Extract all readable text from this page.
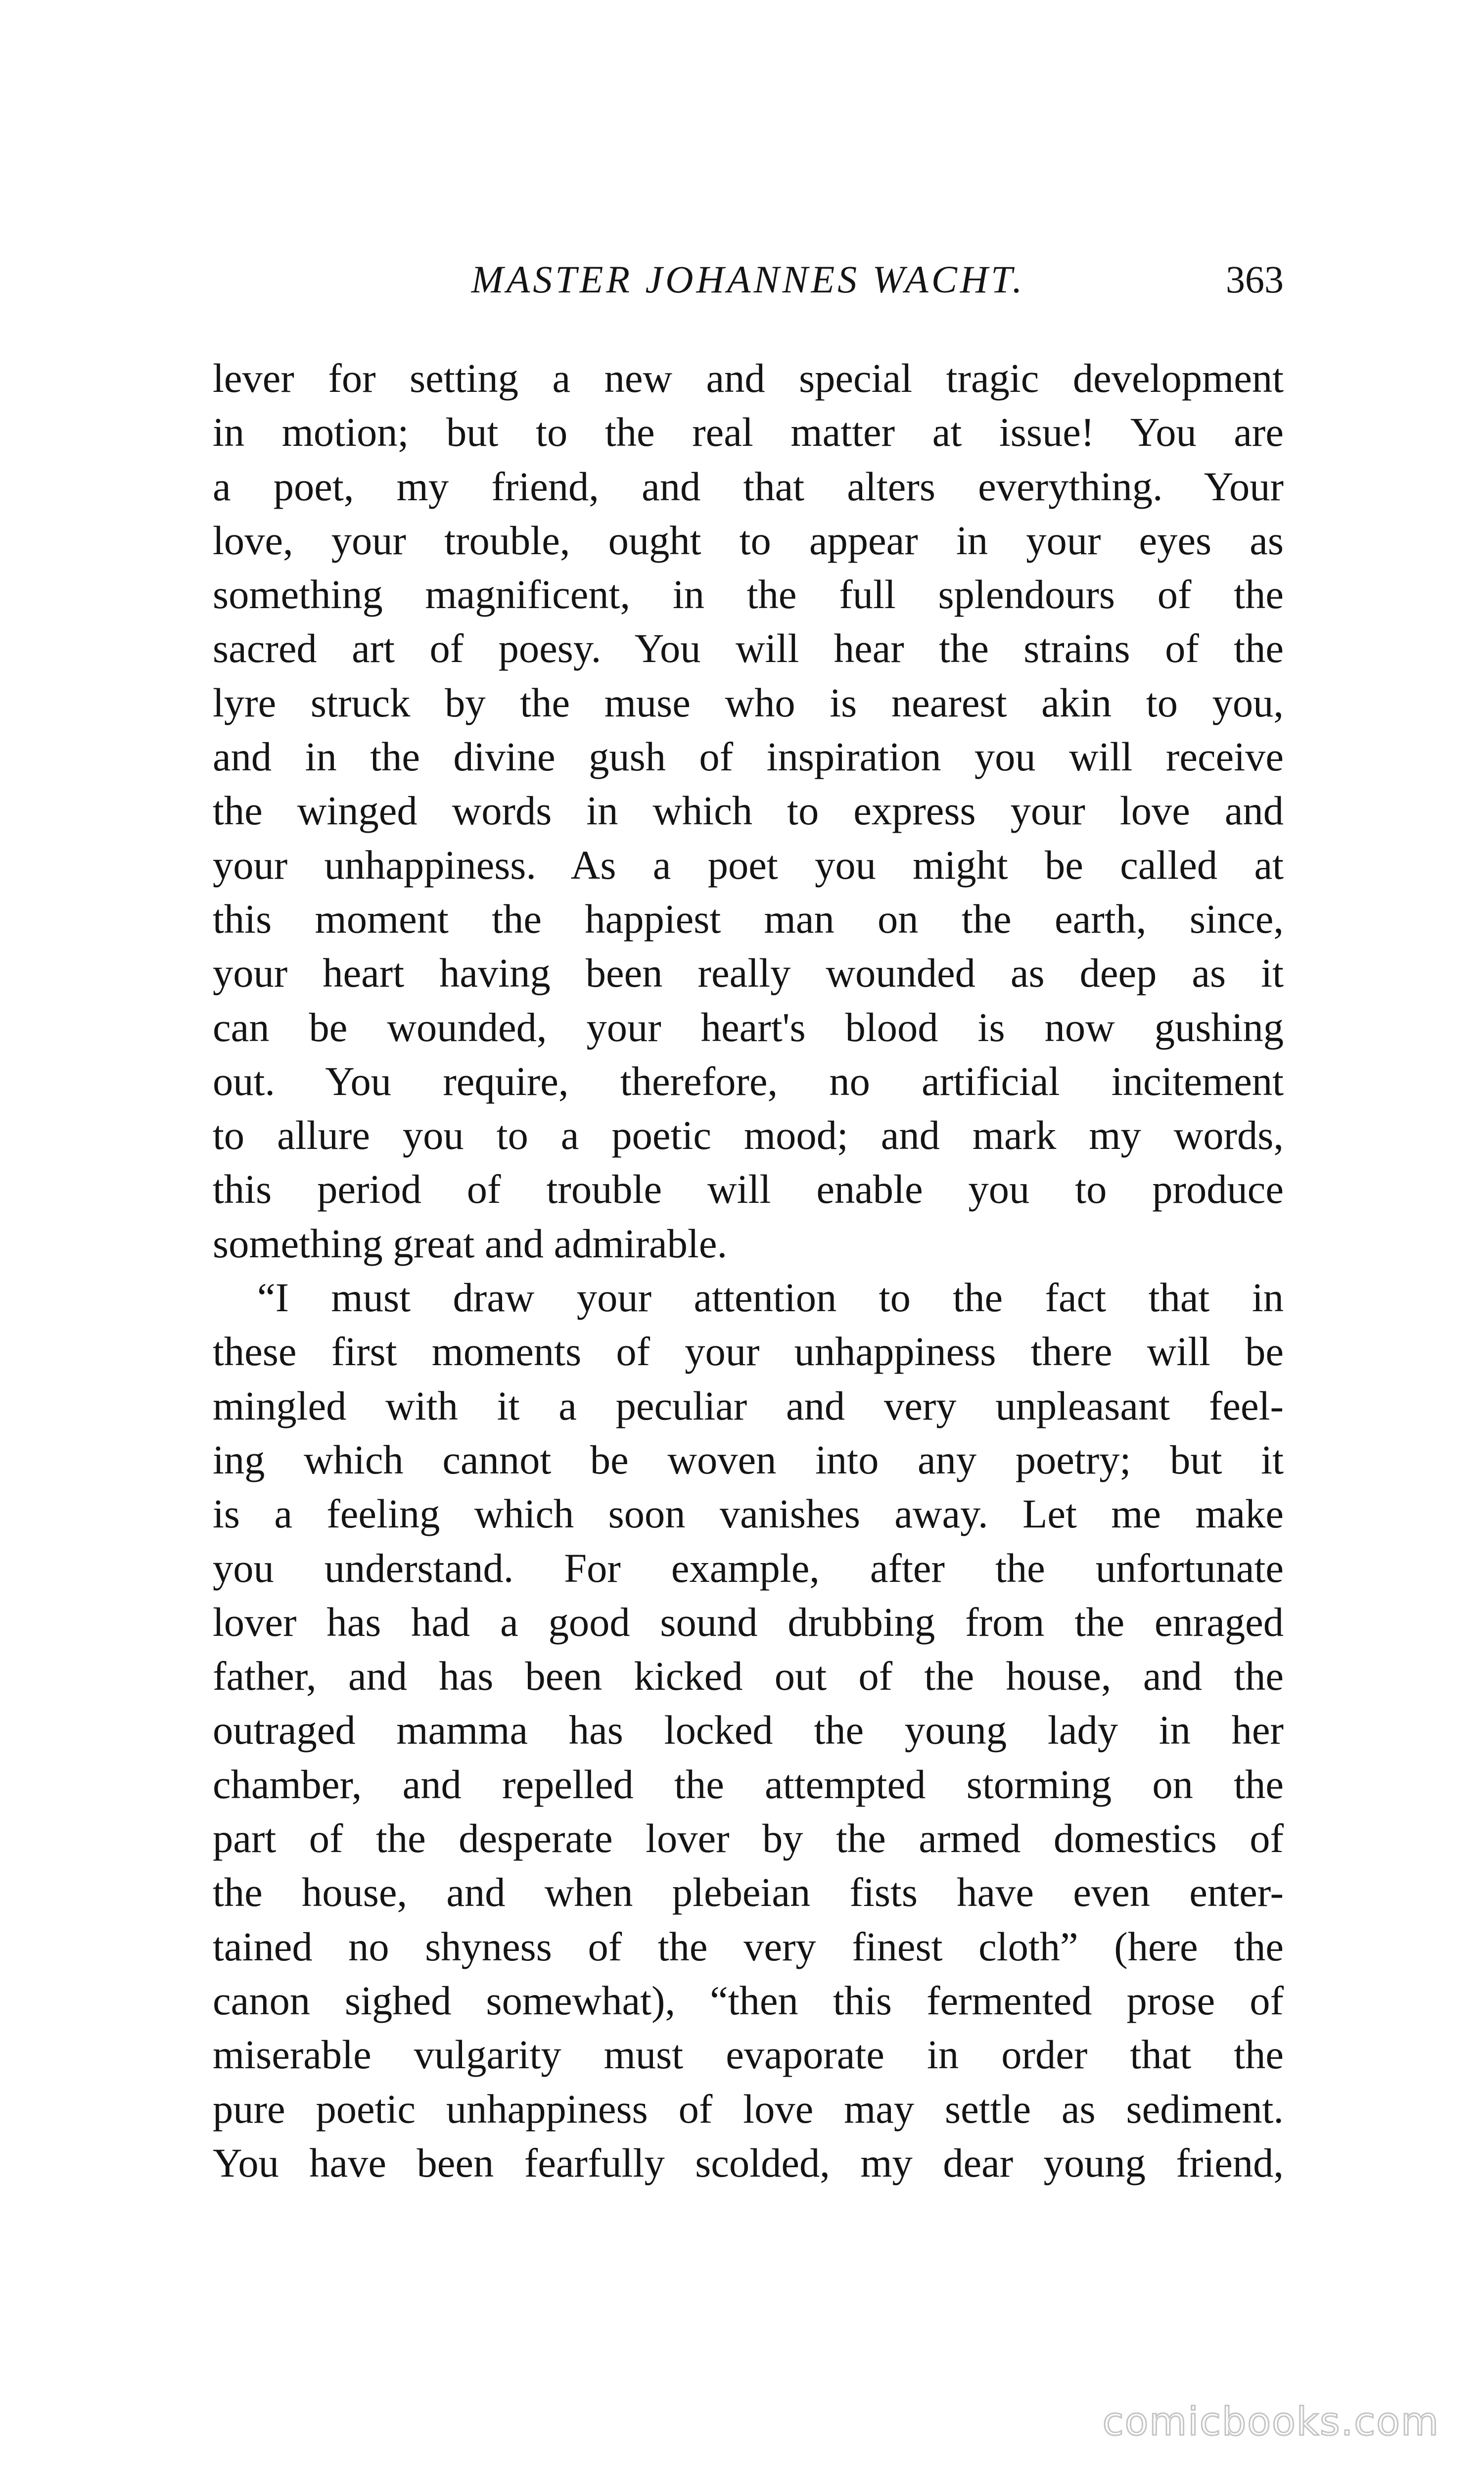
MASTER JOHANNES WACHT.	363
lever for setting a new and special tragic development
in motion; but to the real matter at issue! You are
a poet, my friend, and that alters everything. Your
love, your trouble, ought to appear in your eyes as
something magnificent, in the full splendours of the
sacred art of poesy. You will hear the strains of the
lyre struck by the muse who is nearest akin to you,
and in the divine gush of inspiration you will receive
the winged words in which to express your love and
your unhappiness. As a poet you might be called at
this moment the happiest man on the earth, since,
your heart having been really wounded as deep as it
can be wounded, your heart's blood is now gushing
out. You require, therefore, no artificial incitement
to allure you to a poetic mood; and mark my words,
this period of trouble will enable you to produce
something great and admirable.
“I must draw your attention to the fact that in
these first moments of your unhappiness there will be
mingled with it a peculiar and very unpleasant feel-
ing which cannot be woven into any poetry; but it
is a feeling which soon vanishes away. Let me make
you understand. For example, after the unfortunate
lover has had a good sound drubbing from the enraged
father, and has been kicked out of the house, and the
outraged mamma has locked the young lady in her
chamber, and repelled the attempted storming on the
part of the desperate lover by the armed domestics of
the house, and when plebeian fists have even enter-
tained no shyness of the very finest cloth” (here the
canon sighed somewhat), “then this fermented prose of
miserable vulgarity must evaporate in order that the
pure poetic unhappiness of love may settle as sediment.
You have been fearfully scolded, my dear young friend,
comicbooks.com
